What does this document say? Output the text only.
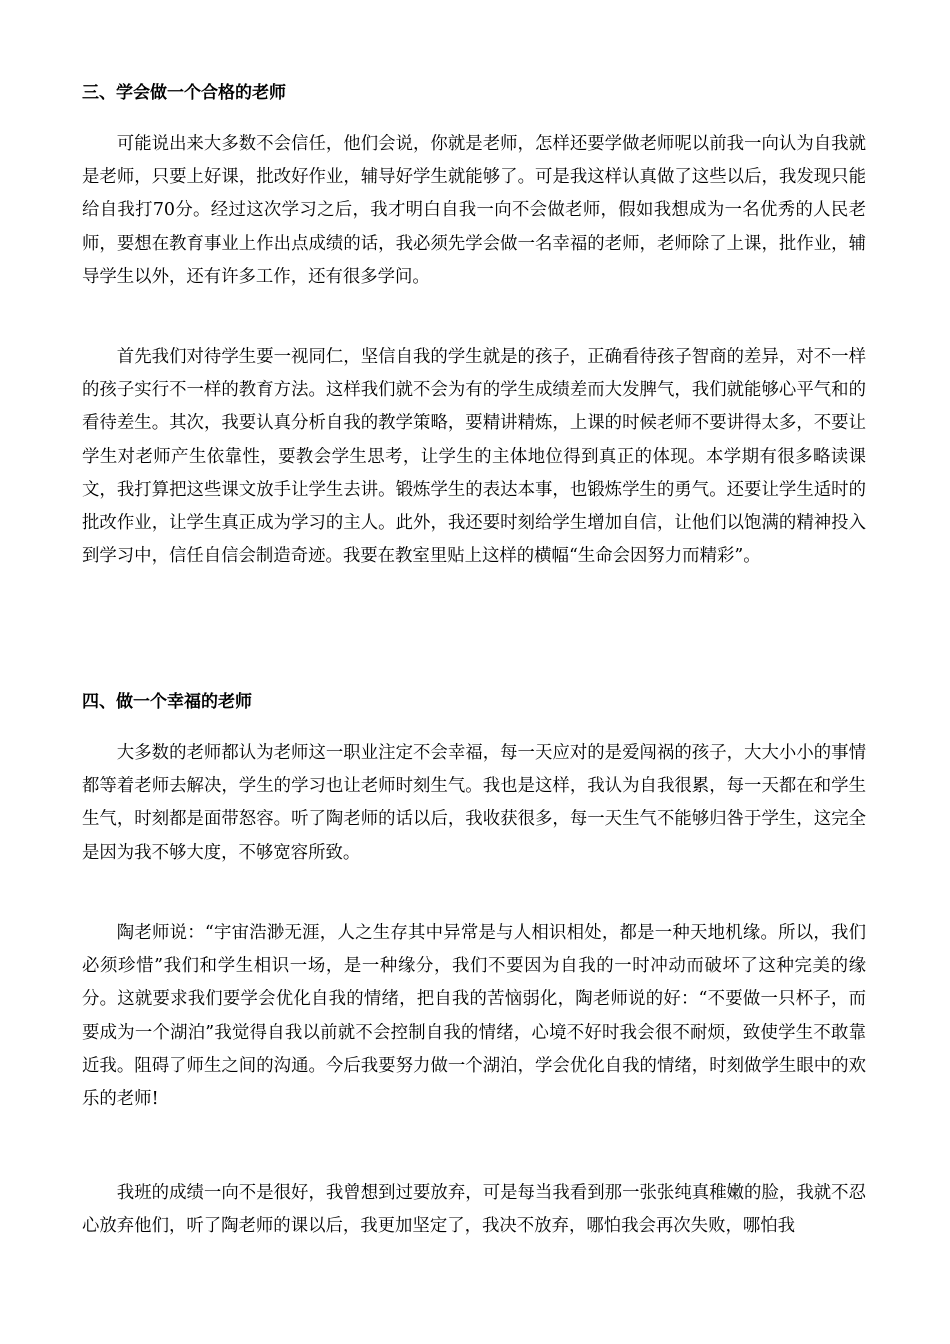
三、学会做一个合格的老师

可能说出来大多数不会信任，他们会说，你就是老师，怎样还要学做老师呢以前我一向认为自我就是老师，只要上好课，批改好作业，辅导好学生就能够了。可是我这样认真做了这些以后，我发现只能给自我打70分。经过这次学习之后，我才明白自我一向不会做老师，假如我想成为一名优秀的人民老师，要想在教育事业上作出点成绩的话，我必须先学会做一名幸福的老师，老师除了上课，批作业，辅导学生以外，还有许多工作，还有很多学问。

首先我们对待学生要一视同仁，坚信自我的学生就是的孩子，正确看待孩子智商的差异，对不一样的孩子实行不一样的教育方法。这样我们就不会为有的学生成绩差而大发脾气，我们就能够心平气和的看待差生。其次，我要认真分析自我的教学策略，要精讲精炼，上课的时候老师不要讲得太多，不要让学生对老师产生依靠性，要教会学生思考，让学生的主体地位得到真正的体现。本学期有很多略读课文，我打算把这些课文放手让学生去讲。锻炼学生的表达本事，也锻炼学生的勇气。还要让学生适时的批改作业，让学生真正成为学习的主人。此外，我还要时刻给学生增加自信，让他们以饱满的精神投入到学习中，信任自信会制造奇迹。我要在教室里贴上这样的横幅“生命会因努力而精彩”。

四、做一个幸福的老师

大多数的老师都认为老师这一职业注定不会幸福，每一天应对的是爱闯祸的孩子，大大小小的事情都等着老师去解决，学生的学习也让老师时刻生气。我也是这样，我认为自我很累，每一天都在和学生生气，时刻都是面带怒容。听了陶老师的话以后，我收获很多，每一天生气不能够归咎于学生，这完全是因为我不够大度，不够宽容所致。

陶老师说：“宇宙浩渺无涯，人之生存其中异常是与人相识相处，都是一种天地机缘。所以，我们必须珍惜”我们和学生相识一场，是一种缘分，我们不要因为自我的一时冲动而破坏了这种完美的缘分。这就要求我们要学会优化自我的情绪，把自我的苦恼弱化，陶老师说的好：“不要做一只杯子，而要成为一个湖泊”我觉得自我以前就不会控制自我的情绪，心境不好时我会很不耐烦，致使学生不敢靠近我。阻碍了师生之间的沟通。今后我要努力做一个湖泊，学会优化自我的情绪，时刻做学生眼中的欢乐的老师!

我班的成绩一向不是很好，我曾想到过要放弃，可是每当我看到那一张张纯真稚嫩的脸，我就不忍心放弃他们，听了陶老师的课以后，我更加坚定了，我决不放弃，哪怕我会再次失败，哪怕我
